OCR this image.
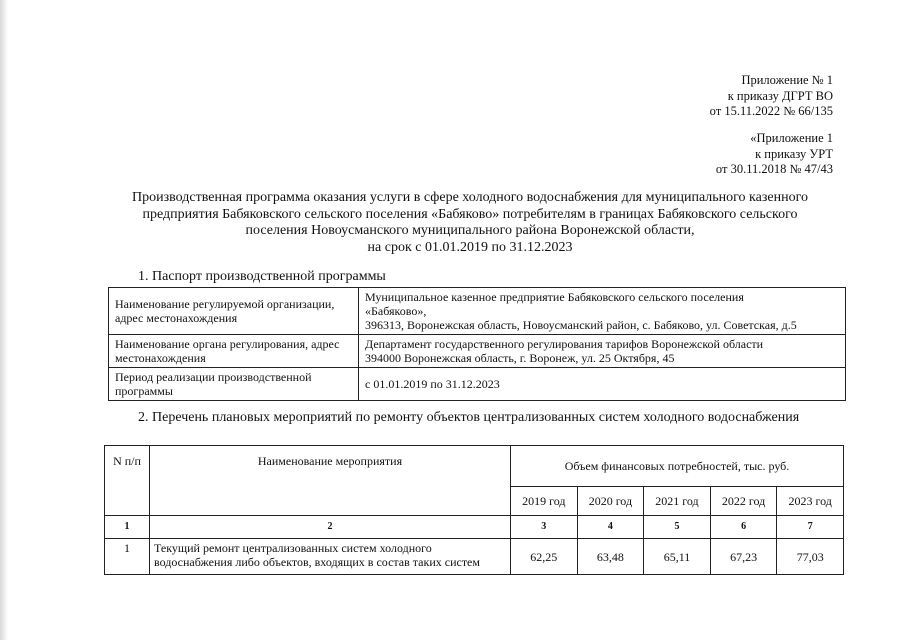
Приложение № 1
к приказу ДГРТ ВО
от 15.11.2022 № 66/135
«Приложение 1
к приказу УРТ
от 30.11.2018 № 47/43
Производственная программа оказания услуги в сфере холодного водоснабжения для муниципального казенного
предприятия Бабяковского сельского поселения «Бабяково» потребителям в границах Бабяковского сельского
поселения Новоусманского муниципального района Воронежской области,
на срок с 01.01.2019 по 31.12.2023
1. Паспорт производственной программы
Наименование регулируемой организации, адрес местонахождения	Муниципальное казенное предприятие Бабяковского сельского поселения
«Бабяково»,
396313, Воронежская область, Новоусманский район, с. Бабяково, ул. Советская, д.5

Наименование органа регулирования, адрес местонахождения	Департамент государственного регулирования тарифов Воронежской области
394000 Воронежская область, г. Воронеж, ул. 25 Октября, 45

Период реализации производственной программы	с 01.01.2019 по 31.12.2023
2. Перечень плановых мероприятий по ремонту объектов централизованных систем холодного водоснабжения
N п/п	Наименование мероприятия	Объем финансовых потребностей, тыс. руб.				
		2019 год	2020 год	2021 год	2022 год	2023 год
1	2	3	4	5	6	7
1	Текущий ремонт централизованных систем холодного водоснабжения либо объектов, входящих в состав таких систем	62,25	63,48	65,11	67,23	77,03
